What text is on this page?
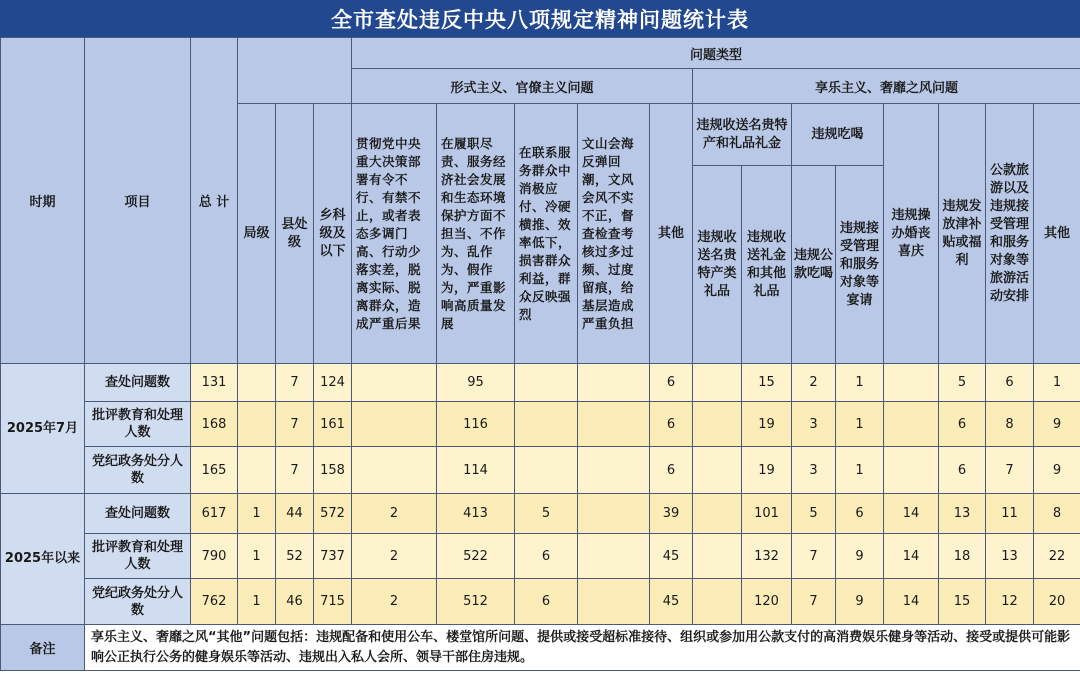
全市查处违反中央八项规定精神问题统计表
时期	项目	总 计				问题类型												
						形式主义、官僚主义问题					享乐主义、奢靡之风问题							
			局级	县处级	乡科级及以下	贯彻党中央重大决策部署有令不行、有禁不止，或者表态多调门高、行动少落实差，脱离实际、脱离群众，造成严重后果	在履职尽责、服务经济社会发展和生态环境保护方面不担当、不作为、乱作为、假作为，严重影响高质量发展	在联系服务群众中消极应付、冷硬横推、效率低下，损害群众利益，群众反映强烈	文山会海反弹回潮，文风会风不实不正，督查检查考核过多过频、过度留痕，给基层造成严重负担	其他	违规收送名贵特产和礼品礼金		违规吃喝		违规操办婚丧喜庆	违规发放津补贴或福利	公款旅游以及违规接受管理和服务对象等旅游活动安排	其他
											违规收送名贵特产类礼品	违规收送礼金和其他礼品	违规公款吃喝	违规接受管理和服务对象等宴请				
2025年7月	查处问题数	131		7	124		95			6		15	2	1		5	6	1
	批评教育和处理人数	168		7	161		116			6		19	3	1		6	8	9
	党纪政务处分人数	165		7	158		114			6		19	3	1		6	7	9
2025年以来	查处问题数	617	1	44	572	2	413	5		39		101	5	6	14	13	11	8
	批评教育和处理人数	790	1	52	737	2	522	6		45		132	7	9	14	18	13	22
	党纪政务处分人数	762	1	46	715	2	512	6		45		120	7	9	14	15	12	20
备注	享乐主义、奢靡之风“其他”问题包括：违规配备和使用公车、楼堂馆所问题、提供或接受超标准接待、组织或参加用公款支付的高消费娱乐健身等活动、接受或提供可能影响公正执行公务的健身娱乐等活动、违规出入私人会所、领导干部住房违规。																	
